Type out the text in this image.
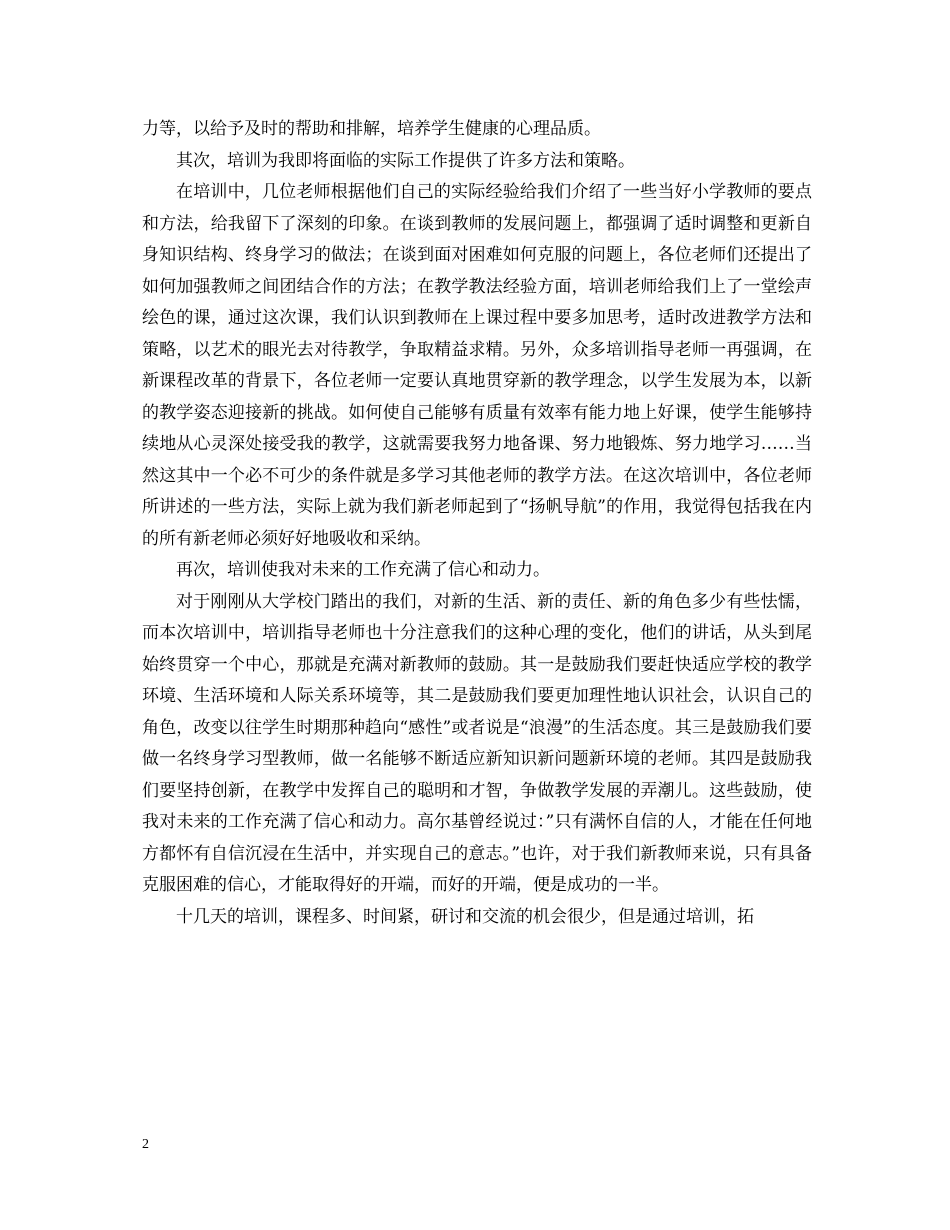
力等，以给予及时的帮助和排解，培养学生健康的心理品质。

其次，培训为我即将面临的实际工作提供了许多方法和策略。

在培训中，几位老师根据他们自己的实际经验给我们介绍了一些当好小学教师的要点和方法，给我留下了深刻的印象。在谈到教师的发展问题上，都强调了适时调整和更新自身知识结构、终身学习的做法；在谈到面对困难如何克服的问题上，各位老师们还提出了如何加强教师之间团结合作的方法；在教学教法经验方面，培训老师给我们上了一堂绘声绘色的课，通过这次课，我们认识到教师在上课过程中要多加思考，适时改进教学方法和策略，以艺术的眼光去对待教学，争取精益求精。另外，众多培训指导老师一再强调，在新课程改革的背景下，各位老师一定要认真地贯穿新的教学理念，以学生发展为本，以新的教学姿态迎接新的挑战。如何使自己能够有质量有效率有能力地上好课，使学生能够持续地从心灵深处接受我的教学，这就需要我努力地备课、努力地锻炼、努力地学习……当然这其中一个必不可少的条件就是多学习其他老师的教学方法。在这次培训中，各位老师所讲述的一些方法，实际上就为我们新老师起到了“扬帆导航”的作用，我觉得包括我在内的所有新老师必须好好地吸收和采纳。

再次，培训使我对未来的工作充满了信心和动力。

对于刚刚从大学校门踏出的我们，对新的生活、新的责任、新的角色多少有些怯懦，而本次培训中，培训指导老师也十分注意我们的这种心理的变化，他们的讲话，从头到尾始终贯穿一个中心，那就是充满对新教师的鼓励。其一是鼓励我们要赶快适应学校的教学环境、生活环境和人际关系环境等，其二是鼓励我们要更加理性地认识社会，认识自己的角色，改变以往学生时期那种趋向“感性”或者说是“浪漫”的生活态度。其三是鼓励我们要做一名终身学习型教师，做一名能够不断适应新知识新问题新环境的老师。其四是鼓励我们要坚持创新，在教学中发挥自己的聪明和才智，争做教学发展的弄潮儿。这些鼓励，使我对未来的工作充满了信心和动力。高尔基曾经说过：”只有满怀自信的人，才能在任何地方都怀有自信沉浸在生活中，并实现自己的意志。”也许，对于我们新教师来说，只有具备克服困难的信心，才能取得好的开端，而好的开端，便是成功的一半。

十几天的培训，课程多、时间紧，研讨和交流的机会很少，但是通过培训，拓

2
